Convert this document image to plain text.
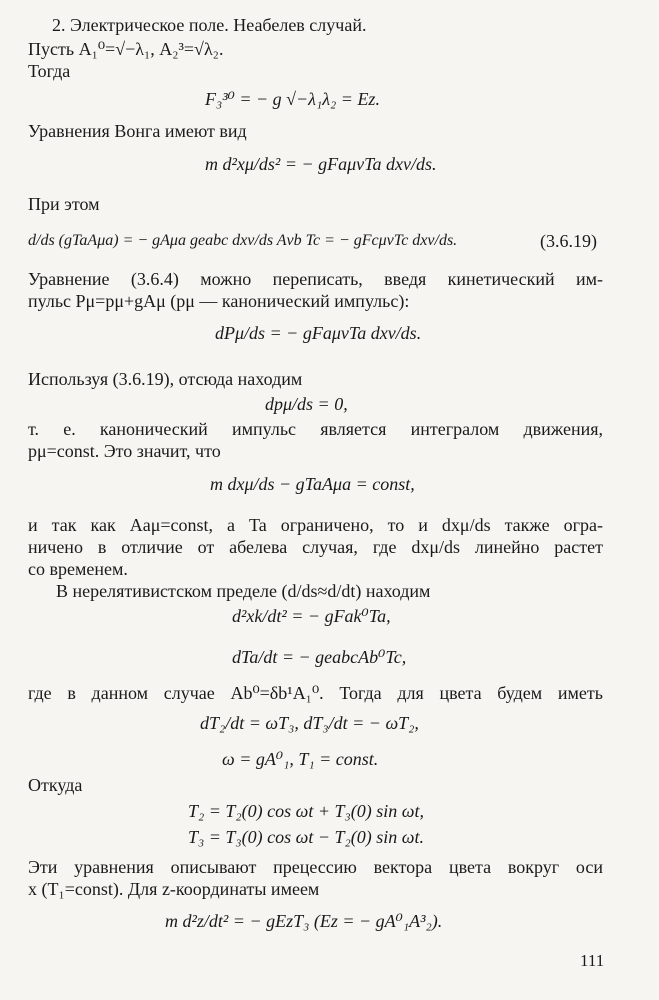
2. Электрическое поле. Неабелев случай.
Пусть A₁⁰=√−λ₁, A₂³=√λ₂.
Тогда
F₃³⁰ = − g √−λ₁λ₂ = Ez.
Уравнения Вонга имеют вид
m d²xμ/ds² = − gFaμνTa dxν/ds.
При этом
d/ds (gTaAμa) = − gAμa geabc dxν/ds Aνb Tc = − gFcμνTc dxν/ds.	(3.6.19)
Уравнение (3.6.4) можно переписать, введя кинетический им-
пульс Pμ=pμ+gAμ (pμ — канонический импульс):
dPμ/ds = − gFaμνTa dxν/ds.
Используя (3.6.19), отсюда находим
dpμ/ds = 0,
т. е. канонический импульс является интегралом движения,
pμ=const. Это значит, что
m dxμ/ds − gTaAμa = const,
и так как Aaμ=const, а Ta ограничено, то и dxμ/ds также огра-
ничено в отличие от абелева случая, где dxμ/ds линейно растет
со временем.
В нерелятивистском пределе (d/ds≈d/dt) находим
d²xk/dt² = − gFak⁰Ta,
dTa/dt = − geabcAb⁰Tc,
где в данном случае Ab⁰=δb¹A₁⁰. Тогда для цвета будем иметь
dT₂/dt = ωT₃, dT₃/dt = − ωT₂,
ω = gA⁰₁, T₁ = const.
Откуда
T₂ = T₂(0) cos ωt + T₃(0) sin ωt,
T₃ = T₃(0) cos ωt − T₂(0) sin ωt.
Эти уравнения описывают прецессию вектора цвета вокруг оси
x (T₁=const). Для z-координаты имеем
m d²z/dt² = − gEzT₃ (Ez = − gA⁰₁A³₂).
111
